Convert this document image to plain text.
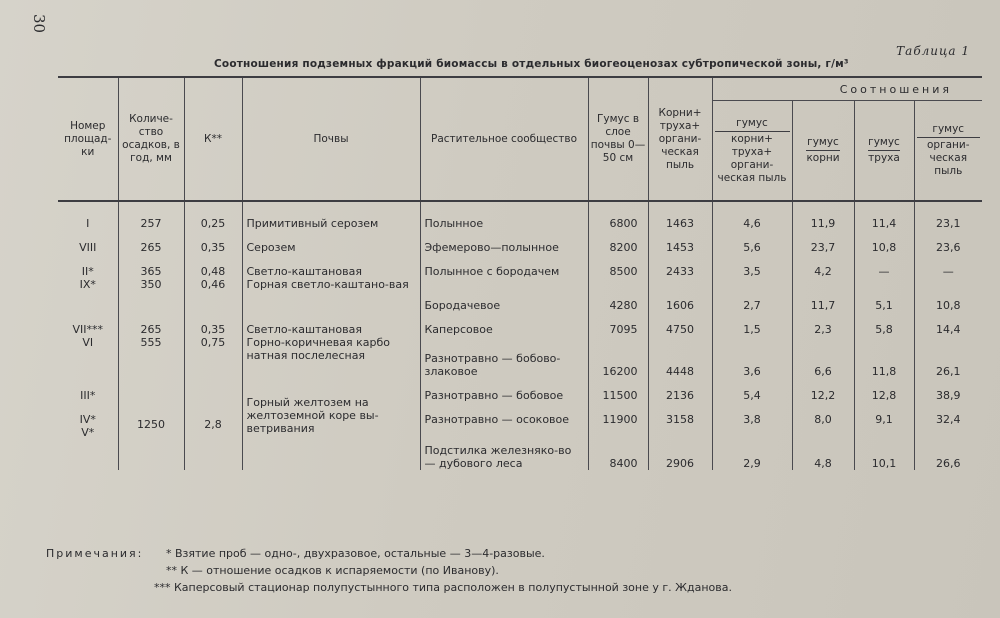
30
Таблица 1
Соотношения подземных фракций биомассы в отдельных биогеоценозах субтропической зоны, г/м³
Номер площад-ки	Количе-ство осадков, в год, мм	К**	Почвы	Растительное сообщество	Гумус в слое почвы 0—50 см	Корни+ труха+ органи-ческая пыль	Соотношения			

							$\frac{\text{гумус}}{\text{корни+ труха+ органи-ческая пыль}}$	$\frac{\text{гумус}}{\text{корни}}$	$\frac{\text{гумус}}{\text{труха}}$	$\frac{\text{гумус}}{\text{органи-ческая пыль}}$

I	257	0,25	Примитивный серозем	Полынное	6800	1463	4,6	11,9	11,4	23,1
VIII	265	0,35	Серозем	Эфемерово—полынное	8200	1453	5,6	23,7	10,8	23,6
II*	365	0,48	Светло-каштановая	Полынное с бородачем	8500	2433	3,5	4,2	—	—
IX*	350	0,46	Горная светло-каштано-вая	Бородачевое	4280	1606	2,7	11,7	5,1	10,8
VII***	265	0,35	Светло-каштановая	Каперсовое	7095	4750	1,5	2,3	5,8	14,4
VI	555	0,75	Горно-коричневая карбо натная послелесная	Разнотравно — бобово-злаковое	16200	4448	3,6	6,6	11,8	26,1
III*	1250	2,8	Горный желтозем на желтоземной коре вы-ветривания	Разнотравно — бобовое	11500	2136	5,4	12,2	12,8	38,9
IV*				Разнотравно — осоковое	11900	3158	3,8	8,0	9,1	32,4
V*				Подстилка железняко-во — дубового леса	8400	2906	2,9	4,8	10,1	26,6
Примечания: * Взятие проб — одно-, двухразовое, остальные — 3—4-разовые.
** К — отношение осадков к испаряемости (по Иванову).
*** Каперсовый стационар полупустынного типа расположен в полупустынной зоне у г. Жданова.
